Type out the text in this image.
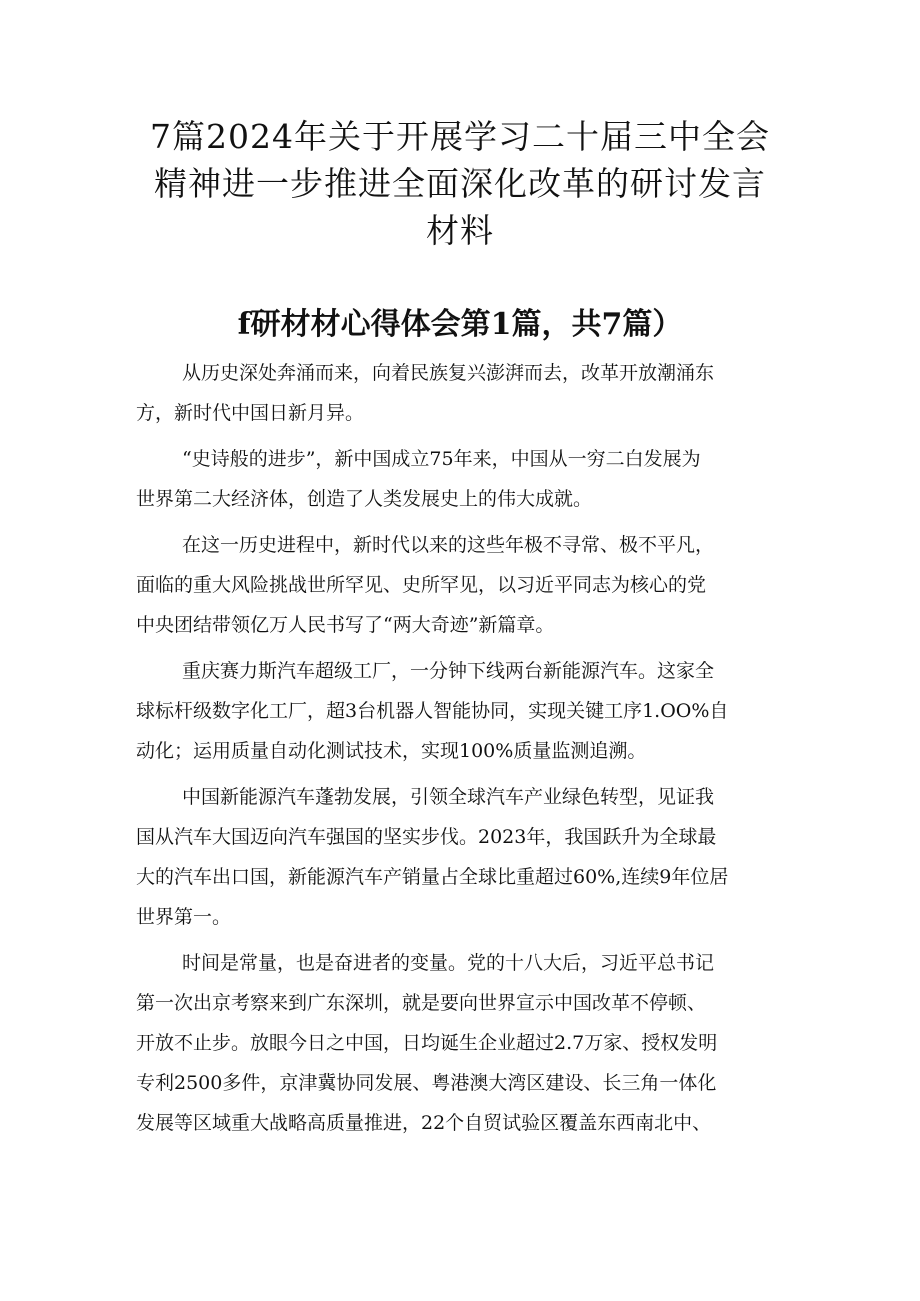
7篇2024年关于开展学习二十届三中全会
精神进一步推进全面深化改革的研讨发言
材料
f研材材心得体会第1篇，共7篇）

从历史深处奔涌而来，向着民族复兴澎湃而去，改革开放潮涌东
方，新时代中国日新月异。

“史诗般的进步”，新中国成立75年来，中国从一穷二白发展为
世界第二大经济体，创造了人类发展史上的伟大成就。

在这一历史进程中，新时代以来的这些年极不寻常、极不平凡，
面临的重大风险挑战世所罕见、史所罕见，以习近平同志为核心的党
中央团结带领亿万人民书写了“两大奇迹”新篇章。

重庆赛力斯汽车超级工厂，一分钟下线两台新能源汽车。这家全
球标杆级数字化工厂，超3台机器人智能协同，实现关键工序1.OO%自
动化；运用质量自动化测试技术，实现100%质量监测追溯。

中国新能源汽车蓬勃发展，引领全球汽车产业绿色转型，见证我
国从汽车大国迈向汽车强国的坚实步伐。2023年，我国跃升为全球最
大的汽车出口国，新能源汽车产销量占全球比重超过60%,连续9年位居
世界第一。

时间是常量，也是奋进者的变量。党的十八大后，习近平总书记
第一次出京考察来到广东深圳，就是要向世界宣示中国改革不停顿、
开放不止步。放眼今日之中国，日均诞生企业超过2.7万家、授权发明
专利2500多件，京津冀协同发展、粤港澳大湾区建设、长三角一体化
发展等区域重大战略高质量推进，22个自贸试验区覆盖东西南北中、
